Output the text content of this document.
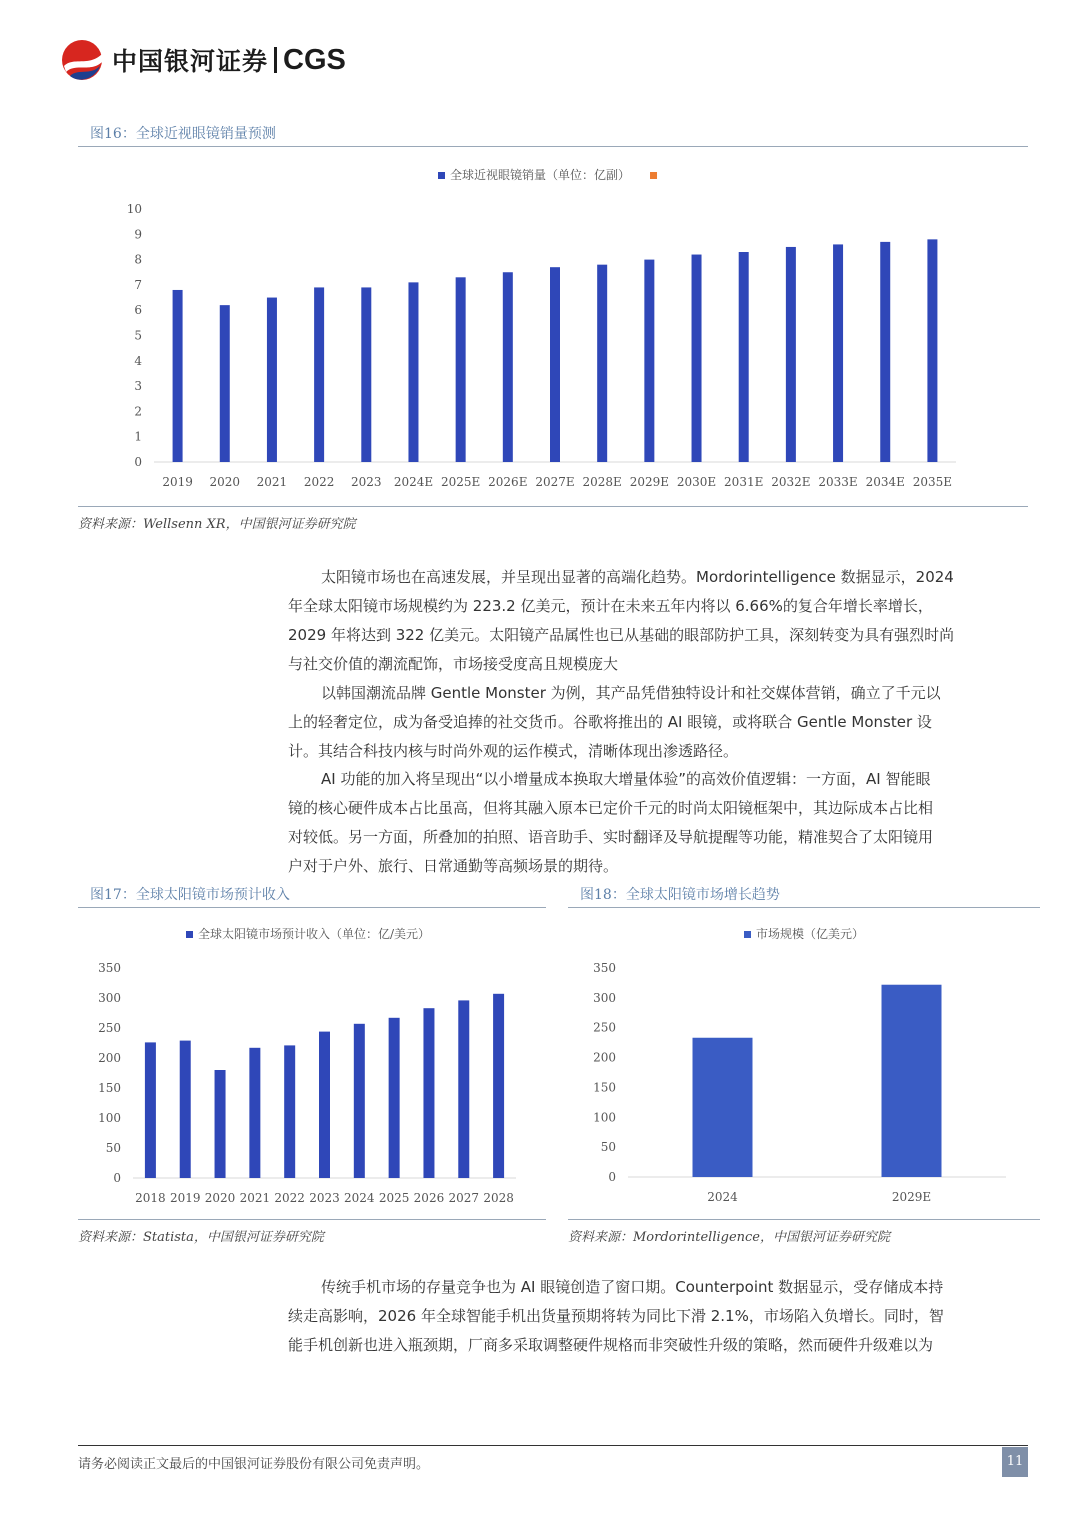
中国银河证券 CGS
图16：全球近视眼镜销量预测
全球近视眼镜销量（单位：亿副）
0
1
2
3
4
5
6
7
8
9
10
2019 2020 2021 2022 2023 2024E 2025E 2026E 2027E 2028E 2029E 2030E 2031E 2032E 2033E 2034E 2035E
资料来源：Wellsenn XR，中国银河证券研究院
太阳镜市场也在高速发展，并呈现出显著的高端化趋势。Mordorintelligence 数据显示，2024
年全球太阳镜市场规模约为 223.2 亿美元，预计在未来五年内将以 6.66%的复合年增长率增长，
2029 年将达到 322 亿美元。太阳镜产品属性也已从基础的眼部防护工具，深刻转变为具有强烈时尚
与社交价值的潮流配饰，市场接受度高且规模庞大
以韩国潮流品牌 Gentle Monster 为例，其产品凭借独特设计和社交媒体营销，确立了千元以
上的轻奢定位，成为备受追捧的社交货币。谷歌将推出的 AI 眼镜，或将联合 Gentle Monster 设
计。其结合科技内核与时尚外观的运作模式，清晰体现出渗透路径。
AI 功能的加入将呈现出“以小增量成本换取大增量体验”的高效价值逻辑：一方面，AI 智能眼
镜的核心硬件成本占比虽高，但将其融入原本已定价千元的时尚太阳镜框架中，其边际成本占比相
对较低。另一方面，所叠加的拍照、语音助手、实时翻译及导航提醒等功能，精准契合了太阳镜用
户对于户外、旅行、日常通勤等高频场景的期待。
图17：全球太阳镜市场预计收入
全球太阳镜市场预计收入（单位：亿/美元）
0
50
100
150
200
250
300
350
2018 2019 2020 2021 2022 2023 2024 2025 2026 2027 2028
资料来源：Statista，中国银河证券研究院
图18：全球太阳镜市场增长趋势
市场规模（亿美元）
0
50
100
150
200
250
300
350
2024	2029E
资料来源：Mordorintelligence，中国银河证券研究院
传统手机市场的存量竞争也为 AI 眼镜创造了窗口期。Counterpoint 数据显示，受存储成本持
续走高影响，2026 年全球智能手机出货量预期将转为同比下滑 2.1%，市场陷入负增长。同时，智
能手机创新也进入瓶颈期，厂商多采取调整硬件规格而非突破性升级的策略，然而硬件升级难以为
请务必阅读正文最后的中国银河证券股份有限公司免责声明。	11
